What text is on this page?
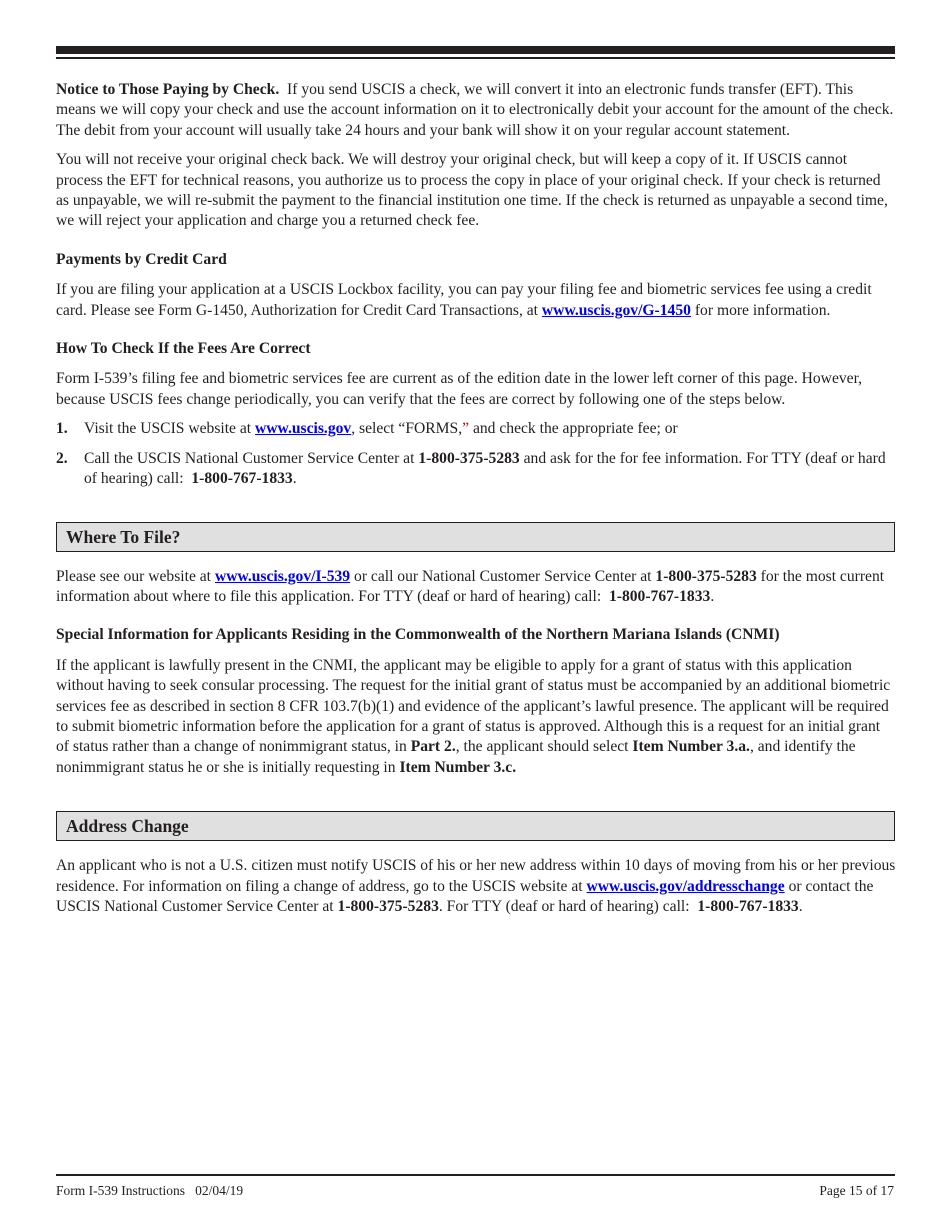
Notice to Those Paying by Check. If you send USCIS a check, we will convert it into an electronic funds transfer (EFT). This means we will copy your check and use the account information on it to electronically debit your account for the amount of the check. The debit from your account will usually take 24 hours and your bank will show it on your regular account statement.

You will not receive your original check back. We will destroy your original check, but will keep a copy of it. If USCIS cannot process the EFT for technical reasons, you authorize us to process the copy in place of your original check. If your check is returned as unpayable, we will re-submit the payment to the financial institution one time. If the check is returned as unpayable a second time, we will reject your application and charge you a returned check fee.

Payments by Credit Card

If you are filing your application at a USCIS Lockbox facility, you can pay your filing fee and biometric services fee using a credit card. Please see Form G-1450, Authorization for Credit Card Transactions, at www.uscis.gov/G-1450 for more information.

How To Check If the Fees Are Correct

Form I-539’s filing fee and biometric services fee are current as of the edition date in the lower left corner of this page. However, because USCIS fees change periodically, you can verify that the fees are correct by following one of the steps below.

1.	Visit the USCIS website at www.uscis.gov, select “FORMS,” and check the appropriate fee; or
2.	Call the USCIS National Customer Service Center at 1-800-375-5283 and ask for the for fee information. For TTY (deaf or hard of hearing) call: 1-800-767-1833.
Where To File?

Please see our website at www.uscis.gov/I-539 or call our National Customer Service Center at 1-800-375-5283 for the most current information about where to file this application. For TTY (deaf or hard of hearing) call: 1-800-767-1833.

Special Information for Applicants Residing in the Commonwealth of the Northern Mariana Islands (CNMI)

If the applicant is lawfully present in the CNMI, the applicant may be eligible to apply for a grant of status with this application without having to seek consular processing. The request for the initial grant of status must be accompanied by an additional biometric services fee as described in section 8 CFR 103.7(b)(1) and evidence of the applicant’s lawful presence. The applicant will be required to submit biometric information before the application for a grant of status is approved. Although this is a request for an initial grant of status rather than a change of nonimmigrant status, in Part 2., the applicant should select Item Number 3.a., and identify the nonimmigrant status he or she is initially requesting in Item Number 3.c.

Address Change

An applicant who is not a U.S. citizen must notify USCIS of his or her new address within 10 days of moving from his or her previous residence. For information on filing a change of address, go to the USCIS website at www.uscis.gov/addresschange or contact the USCIS National Customer Service Center at 1-800-375-5283. For TTY (deaf or hard of hearing) call: 1-800-767-1833.

Form I-539 Instructions   02/04/19	Page 15 of 17
